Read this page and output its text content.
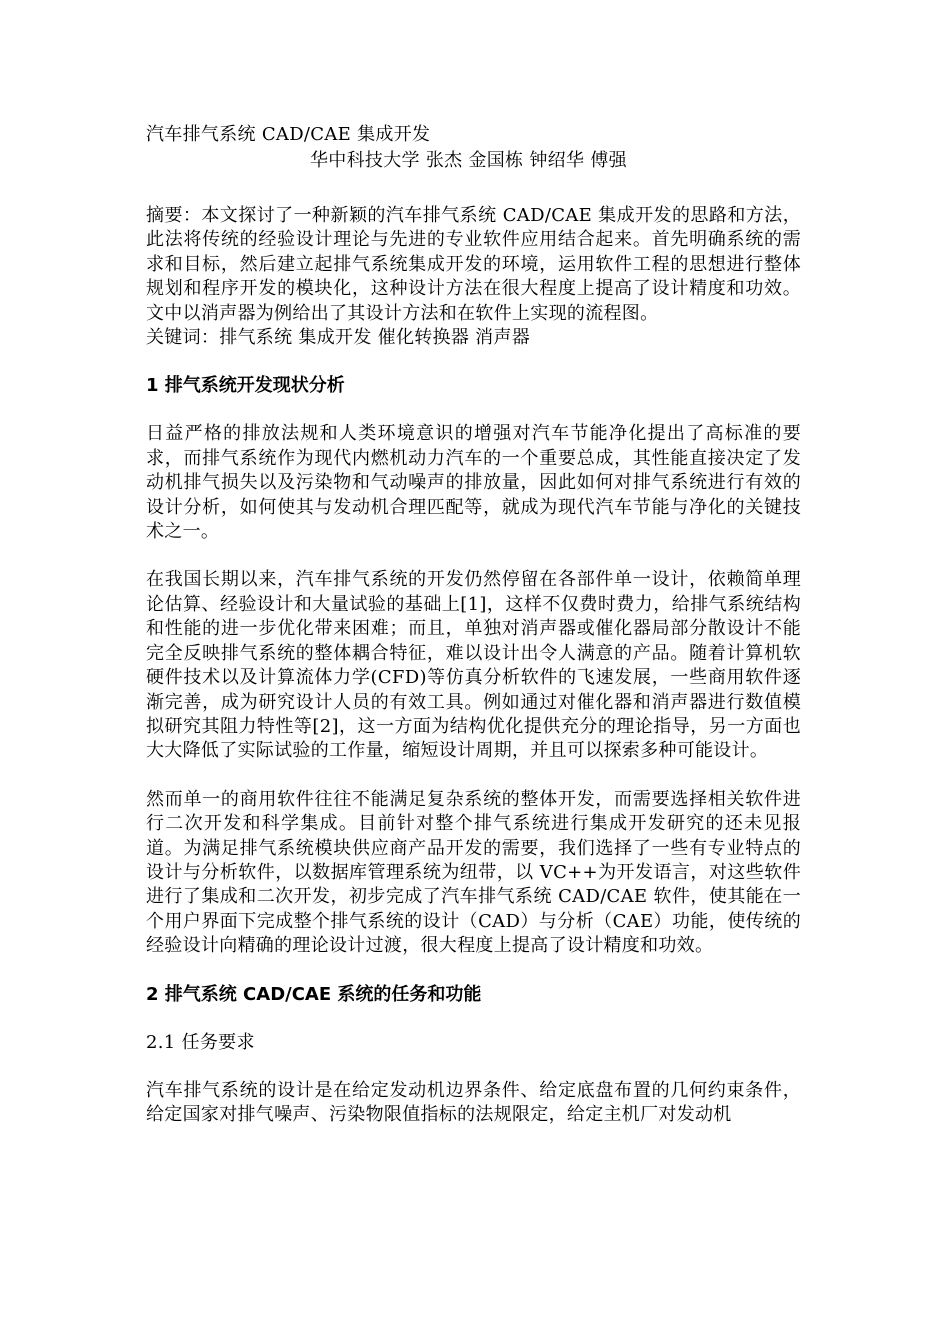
汽车排气系统 CAD/CAE 集成开发
华中科技大学 张杰 金国栋 钟绍华 傅强

摘要：本文探讨了一种新颖的汽车排气系统 CAD/CAE 集成开发的思路和方法，此法将传统的经验设计理论与先进的专业软件应用结合起来。首先明确系统的需求和目标，然后建立起排气系统集成开发的环境，运用软件工程的思想进行整体规划和程序开发的模块化，这种设计方法在很大程度上提高了设计精度和功效。文中以消声器为例给出了其设计方法和在软件上实现的流程图。

关键词：排气系统 集成开发 催化转换器 消声器

1 排气系统开发现状分析

日益严格的排放法规和人类环境意识的增强对汽车节能净化提出了高标准的要求，而排气系统作为现代内燃机动力汽车的一个重要总成，其性能直接决定了发动机排气损失以及污染物和气动噪声的排放量，因此如何对排气系统进行有效的设计分析，如何使其与发动机合理匹配等，就成为现代汽车节能与净化的关键技术之一。

在我国长期以来，汽车排气系统的开发仍然停留在各部件单一设计，依赖简单理论估算、经验设计和大量试验的基础上[1]，这样不仅费时费力，给排气系统结构和性能的进一步优化带来困难；而且，单独对消声器或催化器局部分散设计不能完全反映排气系统的整体耦合特征，难以设计出令人满意的产品。随着计算机软硬件技术以及计算流体力学(CFD)等仿真分析软件的飞速发展，一些商用软件逐渐完善，成为研究设计人员的有效工具。例如通过对催化器和消声器进行数值模拟研究其阻力特性等[2]，这一方面为结构优化提供充分的理论指导，另一方面也大大降低了实际试验的工作量，缩短设计周期，并且可以探索多种可能设计。

然而单一的商用软件往往不能满足复杂系统的整体开发，而需要选择相关软件进行二次开发和科学集成。目前针对整个排气系统进行集成开发研究的还未见报道。为满足排气系统模块供应商产品开发的需要，我们选择了一些有专业特点的设计与分析软件，以数据库管理系统为纽带，以 VC++为开发语言，对这些软件进行了集成和二次开发，初步完成了汽车排气系统 CAD/CAE 软件，使其能在一个用户界面下完成整个排气系统的设计（CAD）与分析（CAE）功能，使传统的经验设计向精确的理论设计过渡，很大程度上提高了设计精度和功效。

2 排气系统 CAD/CAE 系统的任务和功能
2.1 任务要求

汽车排气系统的设计是在给定发动机边界条件、给定底盘布置的几何约束条件，给定国家对排气噪声、污染物限值指标的法规限定，给定主机厂对发动机
